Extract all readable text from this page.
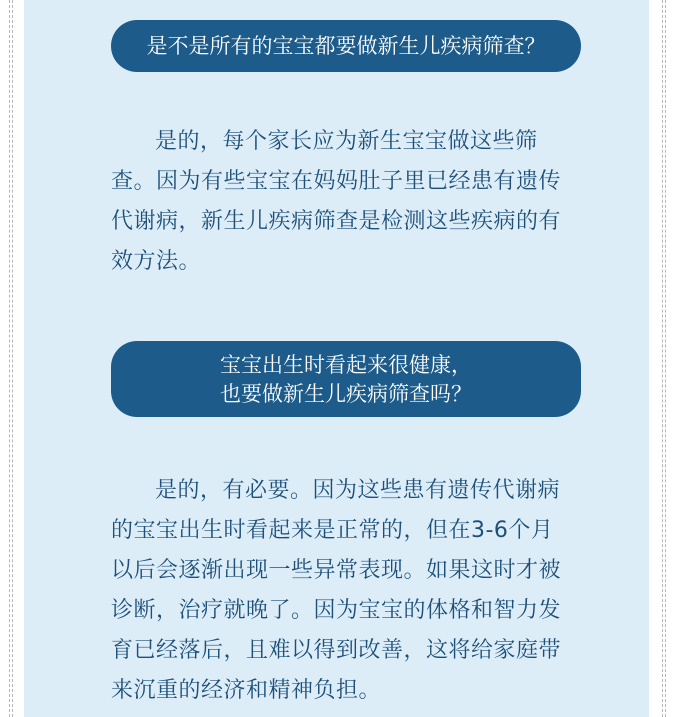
是不是所有的宝宝都要做新生儿疾病筛查？
是的，每个家长应为新生宝宝做这些筛
查。因为有些宝宝在妈妈肚子里已经患有遗传
代谢病，新生儿疾病筛查是检测这些疾病的有
效方法。
宝宝出生时看起来很健康，
也要做新生儿疾病筛查吗？
是的，有必要。因为这些患有遗传代谢病
的宝宝出生时看起来是正常的，但在3-6个月
以后会逐渐出现一些异常表现。如果这时才被
诊断，治疗就晚了。因为宝宝的体格和智力发
育已经落后，且难以得到改善，这将给家庭带
来沉重的经济和精神负担。
